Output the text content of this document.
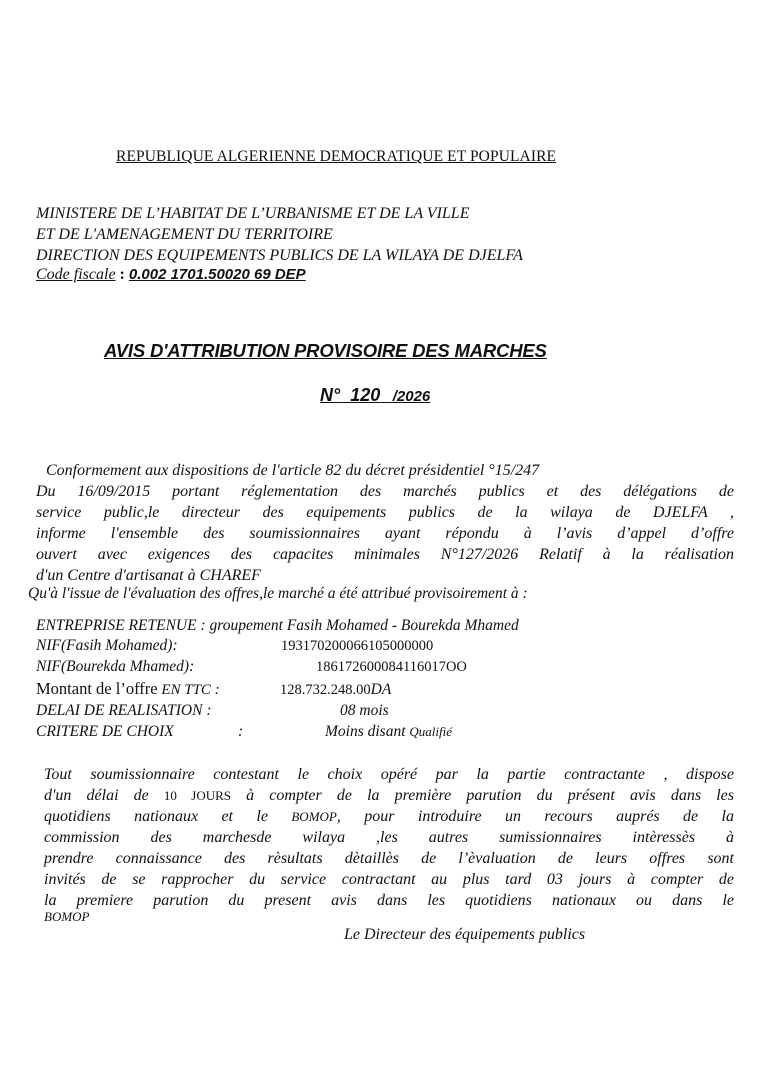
REPUBLIQUE ALGERIENNE DEMOCRATIQUE ET POPULAIRE
MINISTERE DE L’HABITAT DE L’URBANISME ET DE LA VILLE
ET DE L'AMENAGEMENT DU TERRITOIRE
DIRECTION DES EQUIPEMENTS PUBLICS DE LA WILAYA DE DJELFA
Code fiscale : 0.002 1701.50020 69 DEP
AVIS D'ATTRIBUTION PROVISOIRE DES MARCHES
N°  120   /2026
Conformement aux dispositions de l'article 82 du décret présidentiel °15/247
Du 16/09/2015 portant réglementation des marchés publics et des délégations de
service public,le directeur des equipements publics de la wilaya de DJELFA ,
informe l'ensemble des soumissionnaires ayant répondu à l’avis d’appel d’offre
ouvert avec exigences des capacites minimales N°127/2026 Relatif à la réalisation
d'un Centre d'artisanat à CHAREF
Qu'à l'issue de l'évaluation des offres,le marché a été attribué provisoirement à :
ENTREPRISE RETENUE : groupement Fasih Mohamed - Bourekda Mhamed
NIF(Fasih Mohamed):	193170200066105000000
NIF(Bourekda Mhamed):	186172600084116017OO
Montant de l’offre EN TTC :	128.732.248.00DA
DELAI DE REALISATION :	08 mois
CRITERE DE CHOIX	:	Moins disant Qualifié
Tout soumissionnaire contestant le choix opéré par la partie contractante , dispose
d'un délai de 10 JOURS à compter de la première parution du présent avis dans les
quotidiens nationaux et le BOMOP, pour introduire un recours auprés de la
commission des marchesde wilaya ,les autres sumissionnaires intèressès à
prendre connaissance des rèsultats dètaillès de l’èvaluation de leurs offres sont
invités de se rapprocher du service contractant au plus tard 03 jours à compter de
la premiere parution du present avis dans les quotidiens nationaux ou dans le
BOMOP
Le Directeur des équipements publics
